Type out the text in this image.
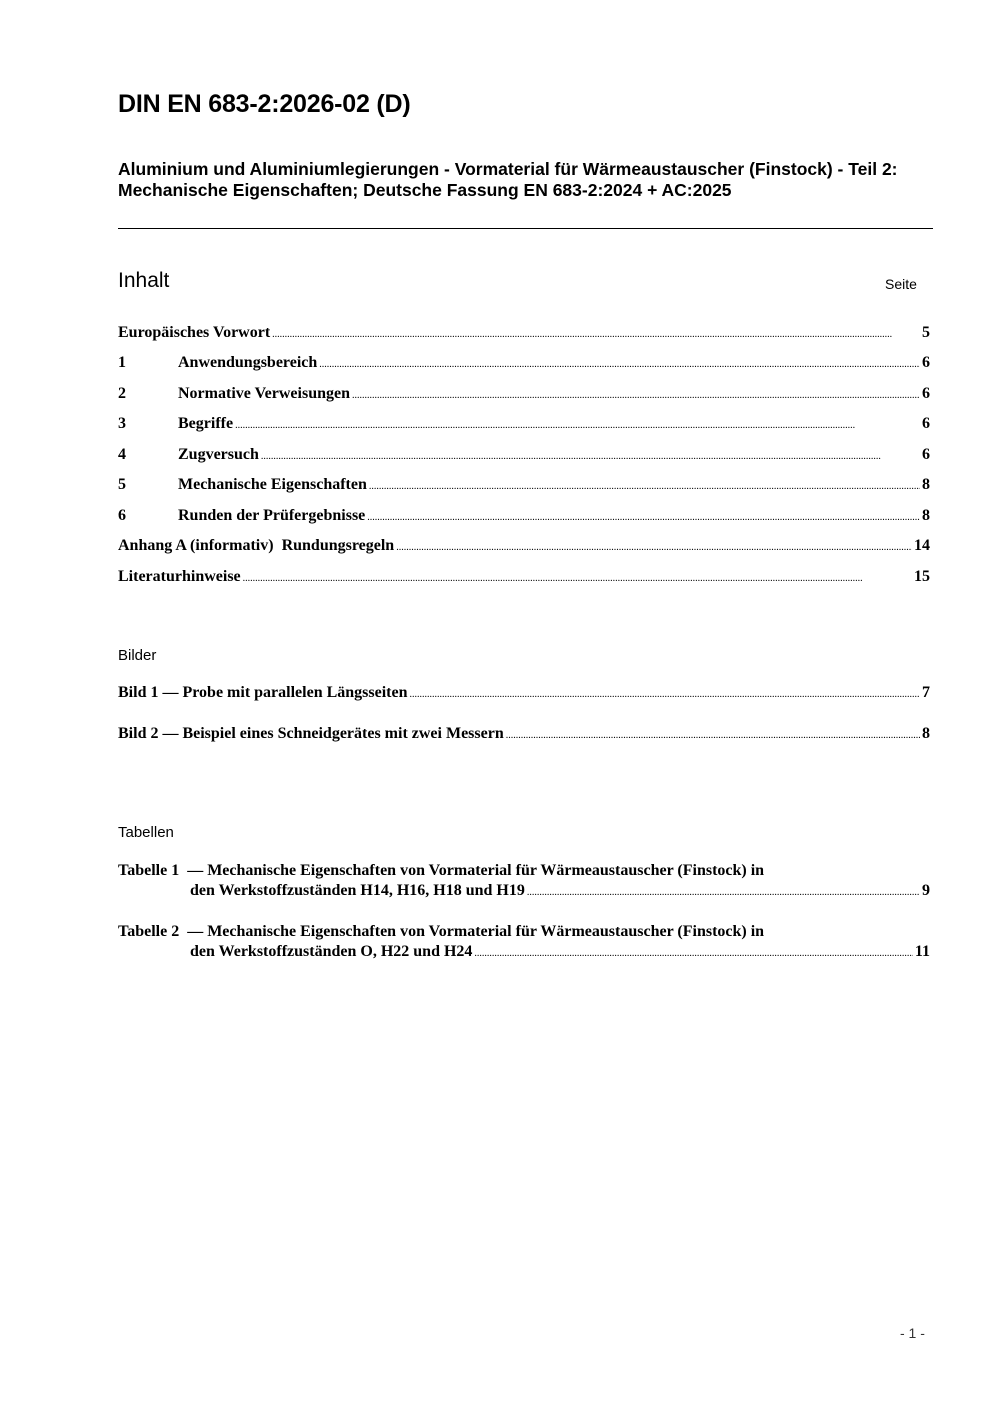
DIN EN 683-2:2026-02 (D)
Aluminium und Aluminiumlegierungen - Vormaterial für Wärmeaustauscher (Finstock) - Teil 2: Mechanische Eigenschaften; Deutsche Fassung EN 683-2:2024 + AC:2025
Inhalt	Seite
Europäisches Vorwort .....	5
1	Anwendungsbereich .....	6
2	Normative Verweisungen .....	6
3	Begriffe .....	6
4	Zugversuch .....	6
5	Mechanische Eigenschaften .....	8
6	Runden der Prüfergebnisse .....	8
Anhang A (informativ)  Rundungsregeln .....	14
Literaturhinweise .....	15
Bilder
Bild 1 — Probe mit parallelen Längsseiten .....	7
Bild 2 — Beispiel eines Schneidgerätes mit zwei Messern .....	8
Tabellen
Tabelle 1  — Mechanische Eigenschaften von Vormaterial für Wärmeaustauscher (Finstock) in
den Werkstoffzuständen H14, H16, H18 und H19 .....	9
Tabelle 2  — Mechanische Eigenschaften von Vormaterial für Wärmeaustauscher (Finstock) in
den Werkstoffzuständen O, H22 und H24 .....	11
- 1 -
